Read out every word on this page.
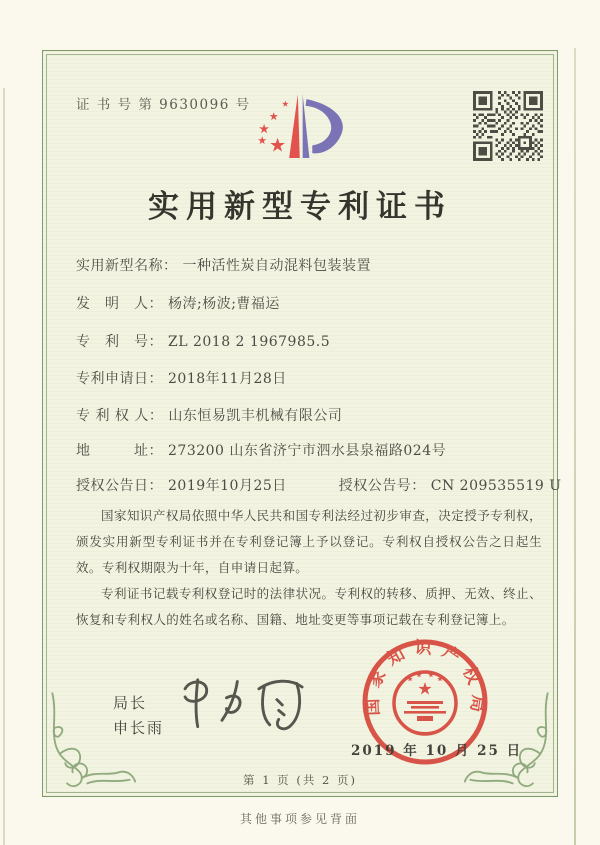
证 书 号 第 9630096 号
实用新型专利证书
实用新型名称： 一种活性炭自动混料包装装置
发　明　人： 杨涛;杨波;曹福运
专　利　号： ZL 2018 2 1967985.5
专利申请日： 2018年11月28日
专 利 权 人： 山东恒易凯丰机械有限公司
地　　　址： 273200 山东省济宁市泗水县泉福路024号
授权公告日： 2019年10月25日	授权公告号： CN 209535519 U

国家知识产权局依照中华人民共和国专利法经过初步审查，决定授予专利权，颁发实用新型专利证书并在专利登记簿上予以登记。专利权自授权公告之日起生效。专利权期限为十年，自申请日起算。

专利证书记载专利权登记时的法律状况。专利权的转移、质押、无效、终止、恢复和专利权人的姓名或名称、国籍、地址变更等事项记载在专利登记簿上。

局长
申长雨
国家知识产权局
2019 年 10 月 25 日
第 1 页 (共 2 页)
其他事项参见背面
